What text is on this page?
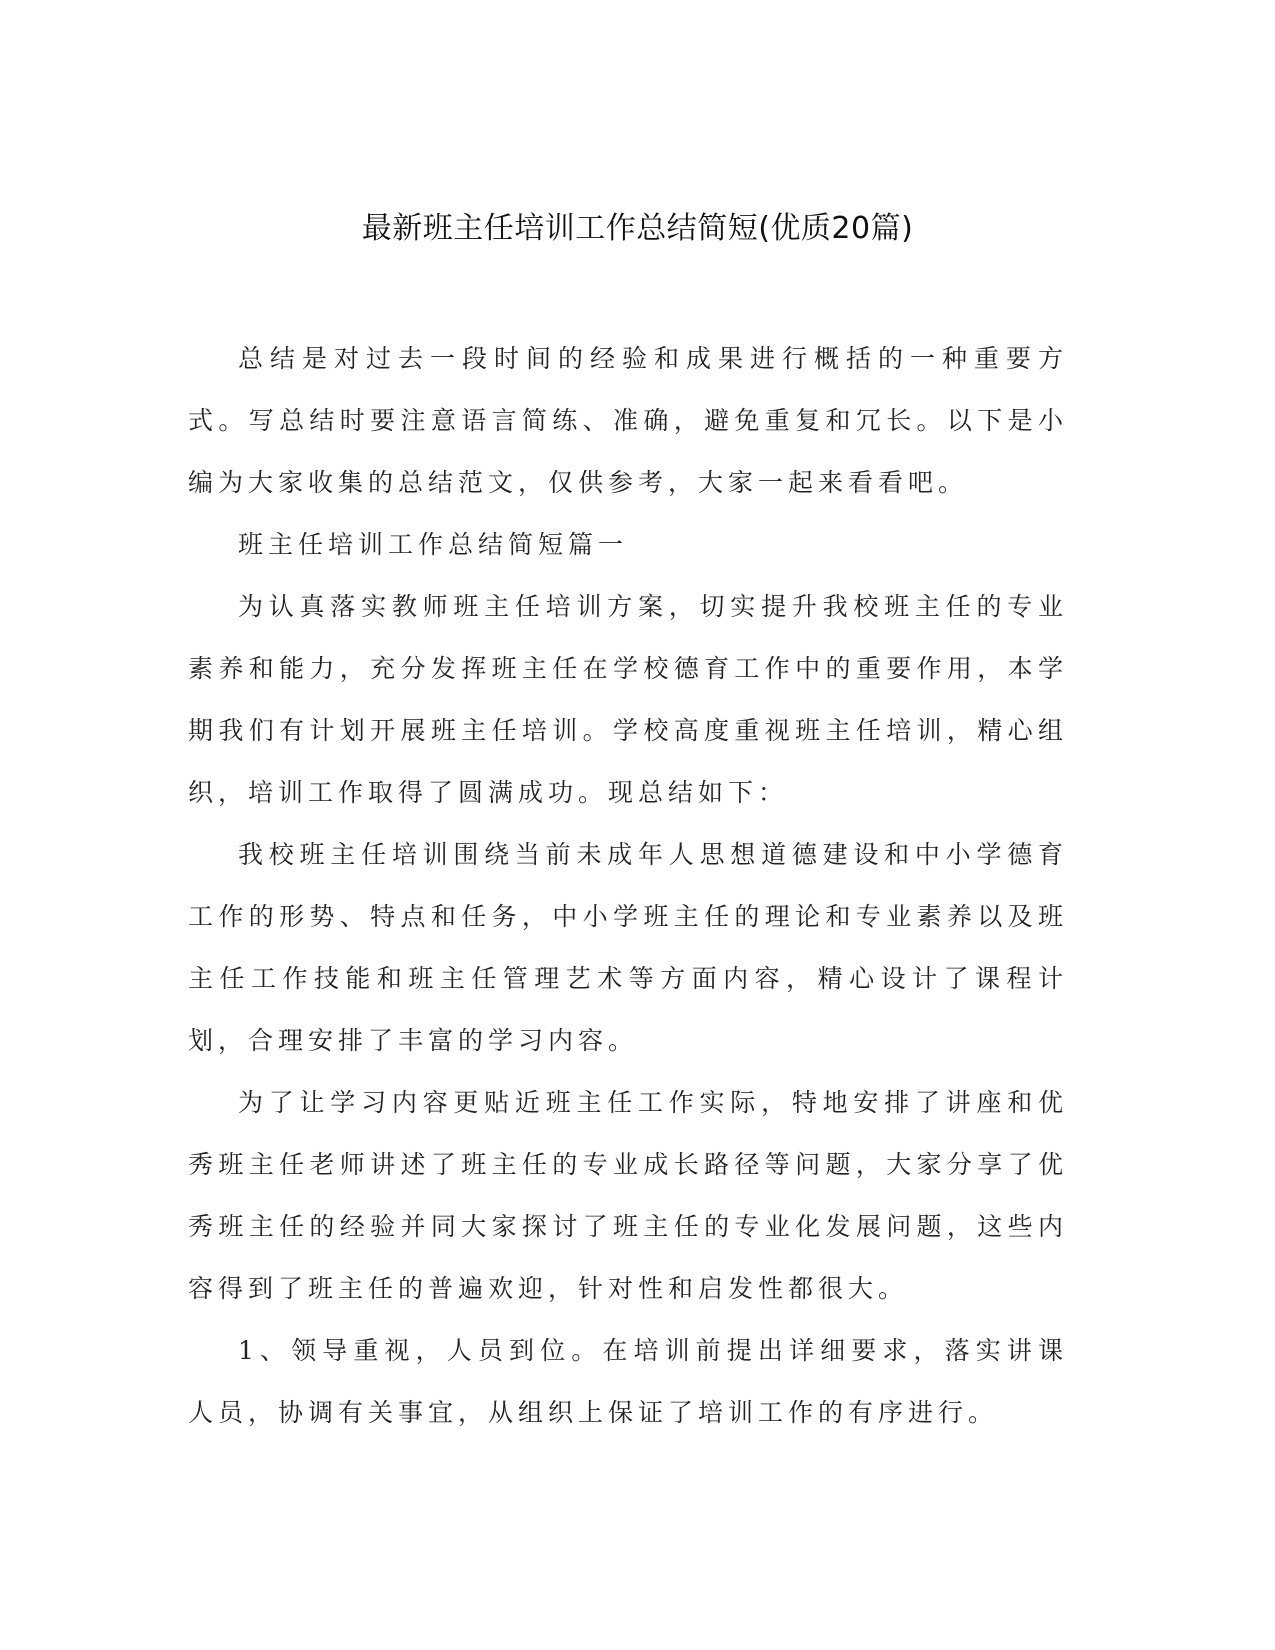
最新班主任培训工作总结简短(优质20篇)

总结是对过去一段时间的经验和成果进行概括的一种重要方式。写总结时要注意语言简练、准确，避免重复和冗长。以下是小编为大家收集的总结范文，仅供参考，大家一起来看看吧。

班主任培训工作总结简短篇一

为认真落实教师班主任培训方案，切实提升我校班主任的专业素养和能力，充分发挥班主任在学校德育工作中的重要作用，本学期我们有计划开展班主任培训。学校高度重视班主任培训，精心组织，培训工作取得了圆满成功。现总结如下：

我校班主任培训围绕当前未成年人思想道德建设和中小学德育工作的形势、特点和任务，中小学班主任的理论和专业素养以及班主任工作技能和班主任管理艺术等方面内容，精心设计了课程计划，合理安排了丰富的学习内容。

为了让学习内容更贴近班主任工作实际，特地安排了讲座和优秀班主任老师讲述了班主任的专业成长路径等问题，大家分享了优秀班主任的经验并同大家探讨了班主任的专业化发展问题，这些内容得到了班主任的普遍欢迎，针对性和启发性都很大。

1、领导重视，人员到位。在培训前提出详细要求，落实讲课人员，协调有关事宜，从组织上保证了培训工作的有序进行。
